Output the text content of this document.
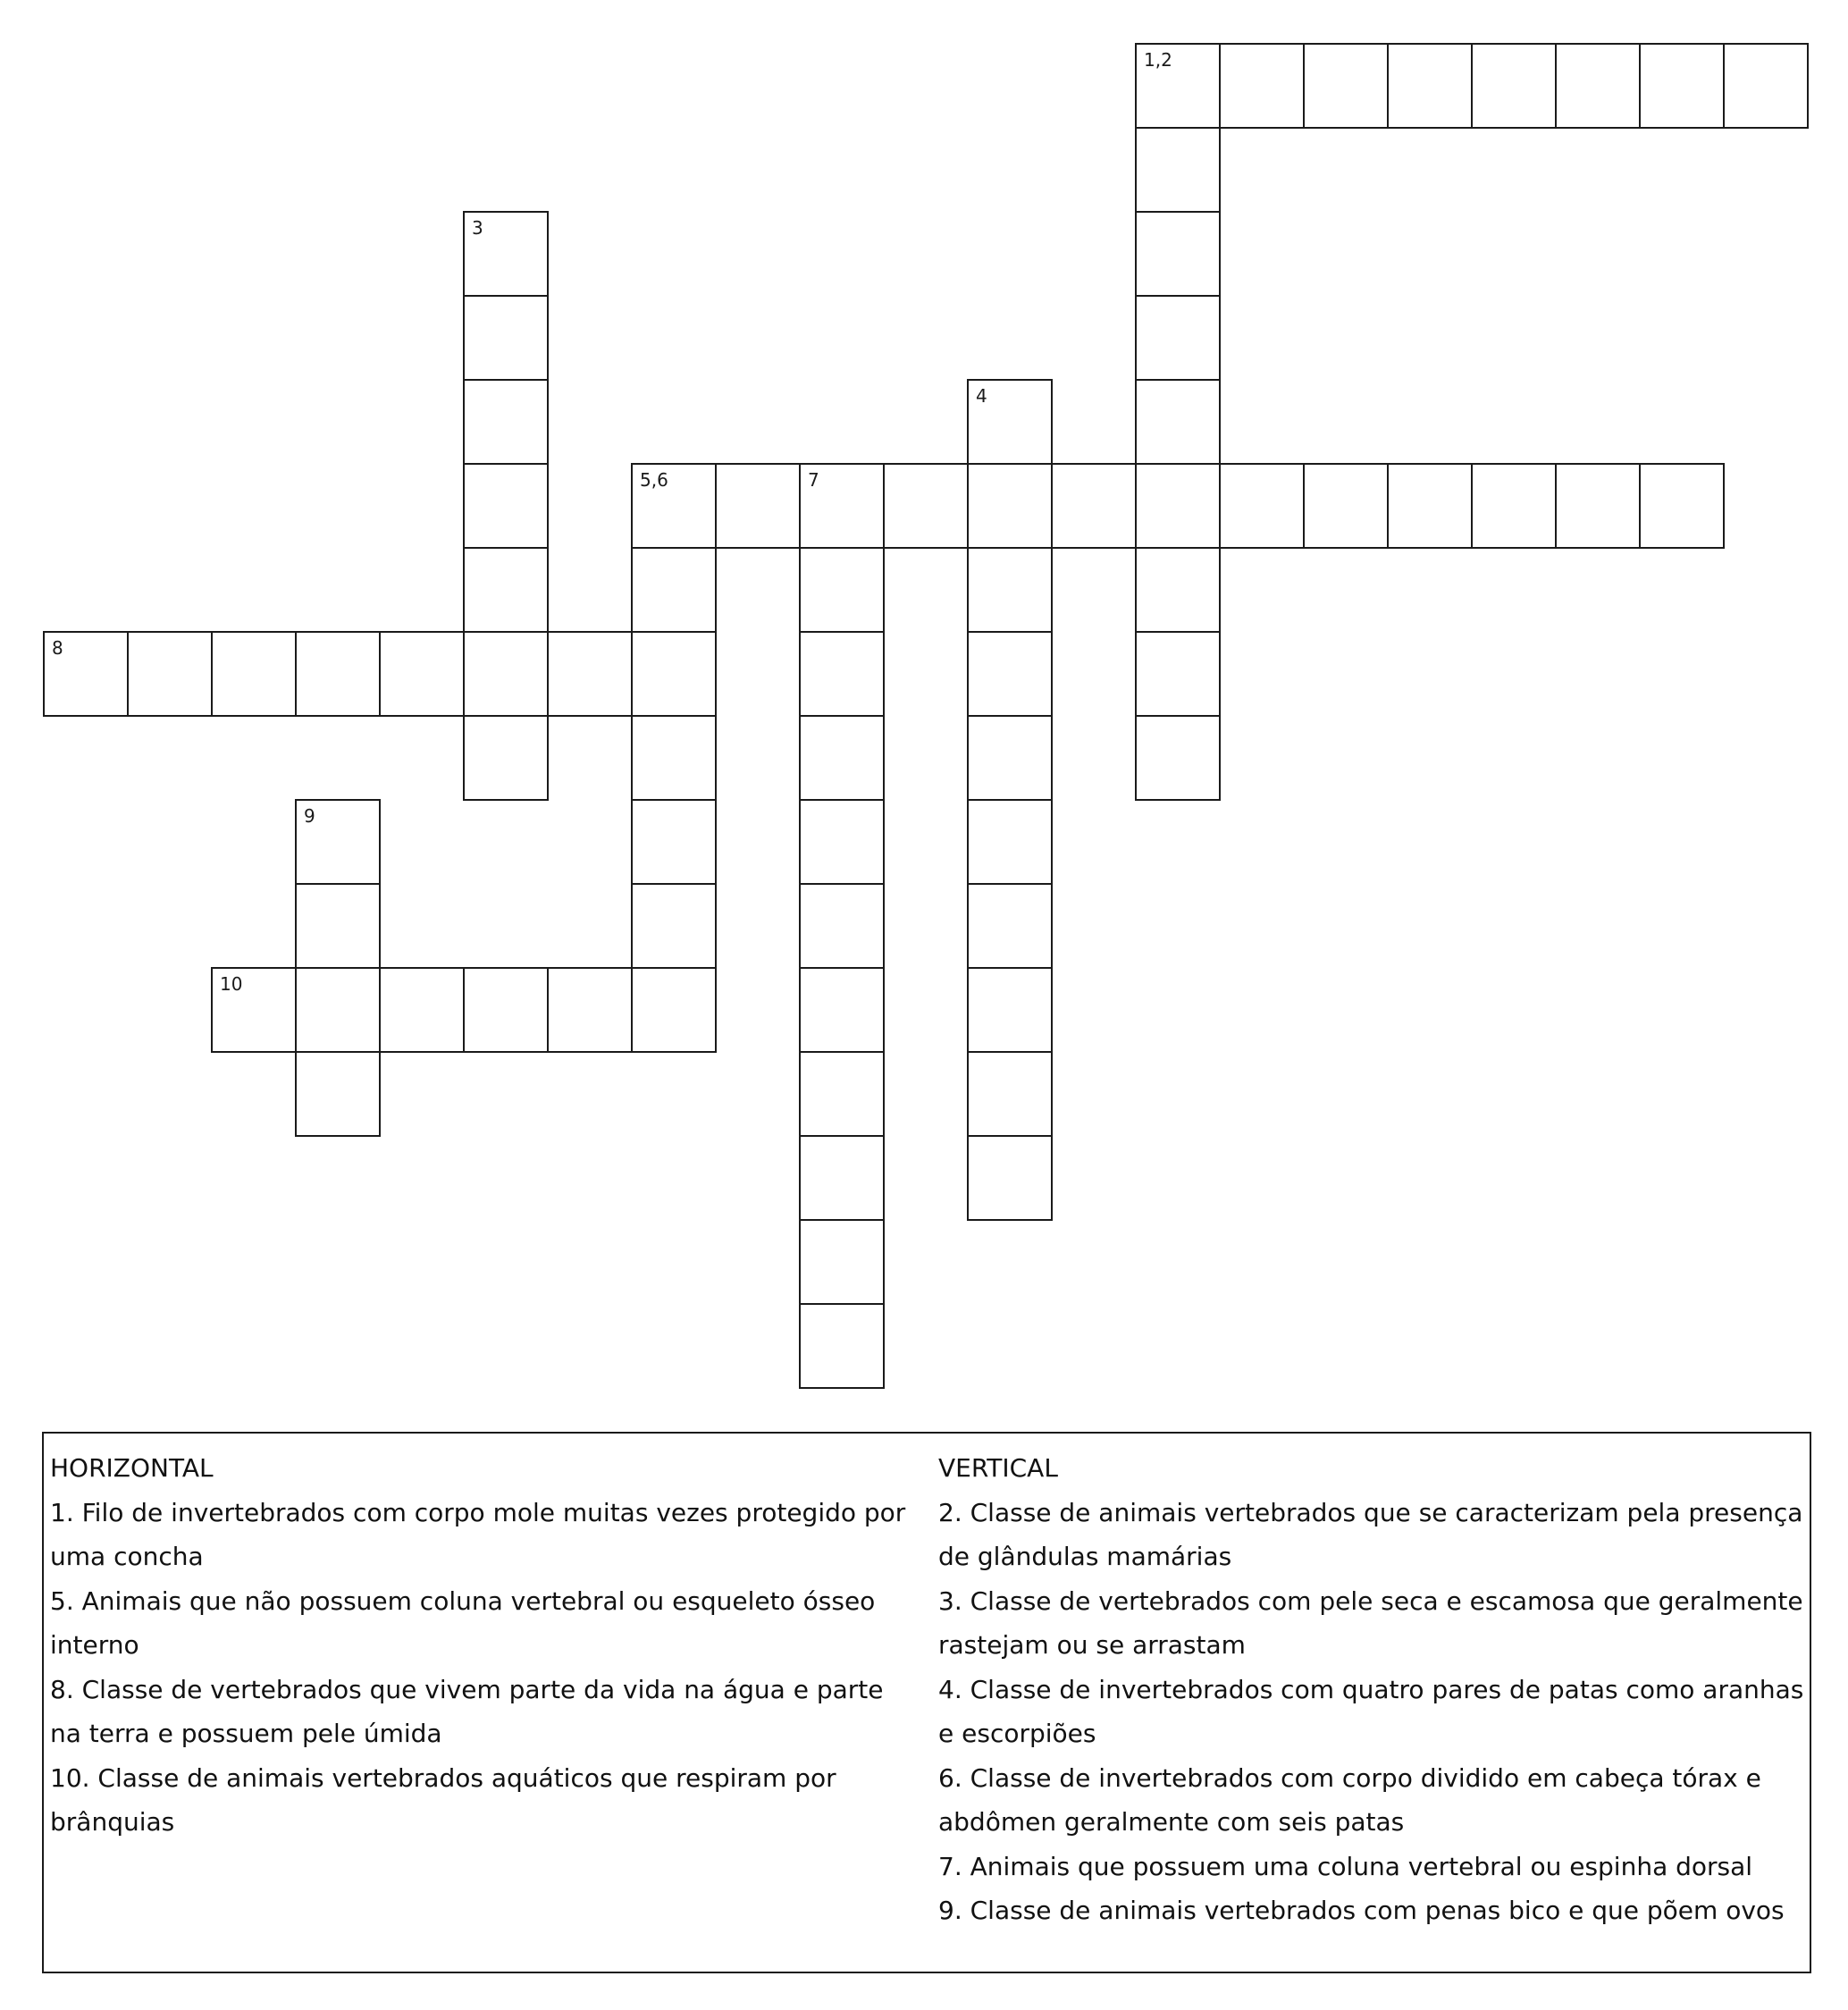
1,2
3
4
5,6	7
8
9
10
HORIZONTAL
1. Filo de invertebrados com corpo mole muitas vezes protegido por uma concha
5. Animais que não possuem coluna vertebral ou esqueleto ósseo interno
8. Classe de vertebrados que vivem parte da vida na água e parte na terra e possuem pele úmida
10. Classe de animais vertebrados aquáticos que respiram por brânquias
VERTICAL
2. Classe de animais vertebrados que se caracterizam pela presença de glândulas mamárias
3. Classe de vertebrados com pele seca e escamosa que geralmente rastejam ou se arrastam
4. Classe de invertebrados com quatro pares de patas como aranhas e escorpiões
6. Classe de invertebrados com corpo dividido em cabeça tórax e abdômen geralmente com seis patas
7. Animais que possuem uma coluna vertebral ou espinha dorsal
9. Classe de animais vertebrados com penas bico e que põem ovos
